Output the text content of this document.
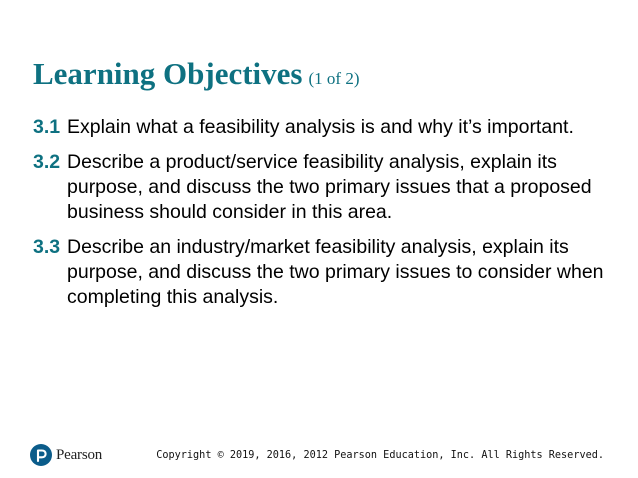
Learning Objectives (1 of 2)
3.1 Explain what a feasibility analysis is and why it’s important.
3.2 Describe a product/service feasibility analysis, explain its purpose, and discuss the two primary issues that a proposed business should consider in this area.
3.3 Describe an industry/market feasibility analysis, explain its purpose, and discuss the two primary issues to consider when completing this analysis.
Pearson	Copyright © 2019, 2016, 2012 Pearson Education, Inc. All Rights Reserved.
